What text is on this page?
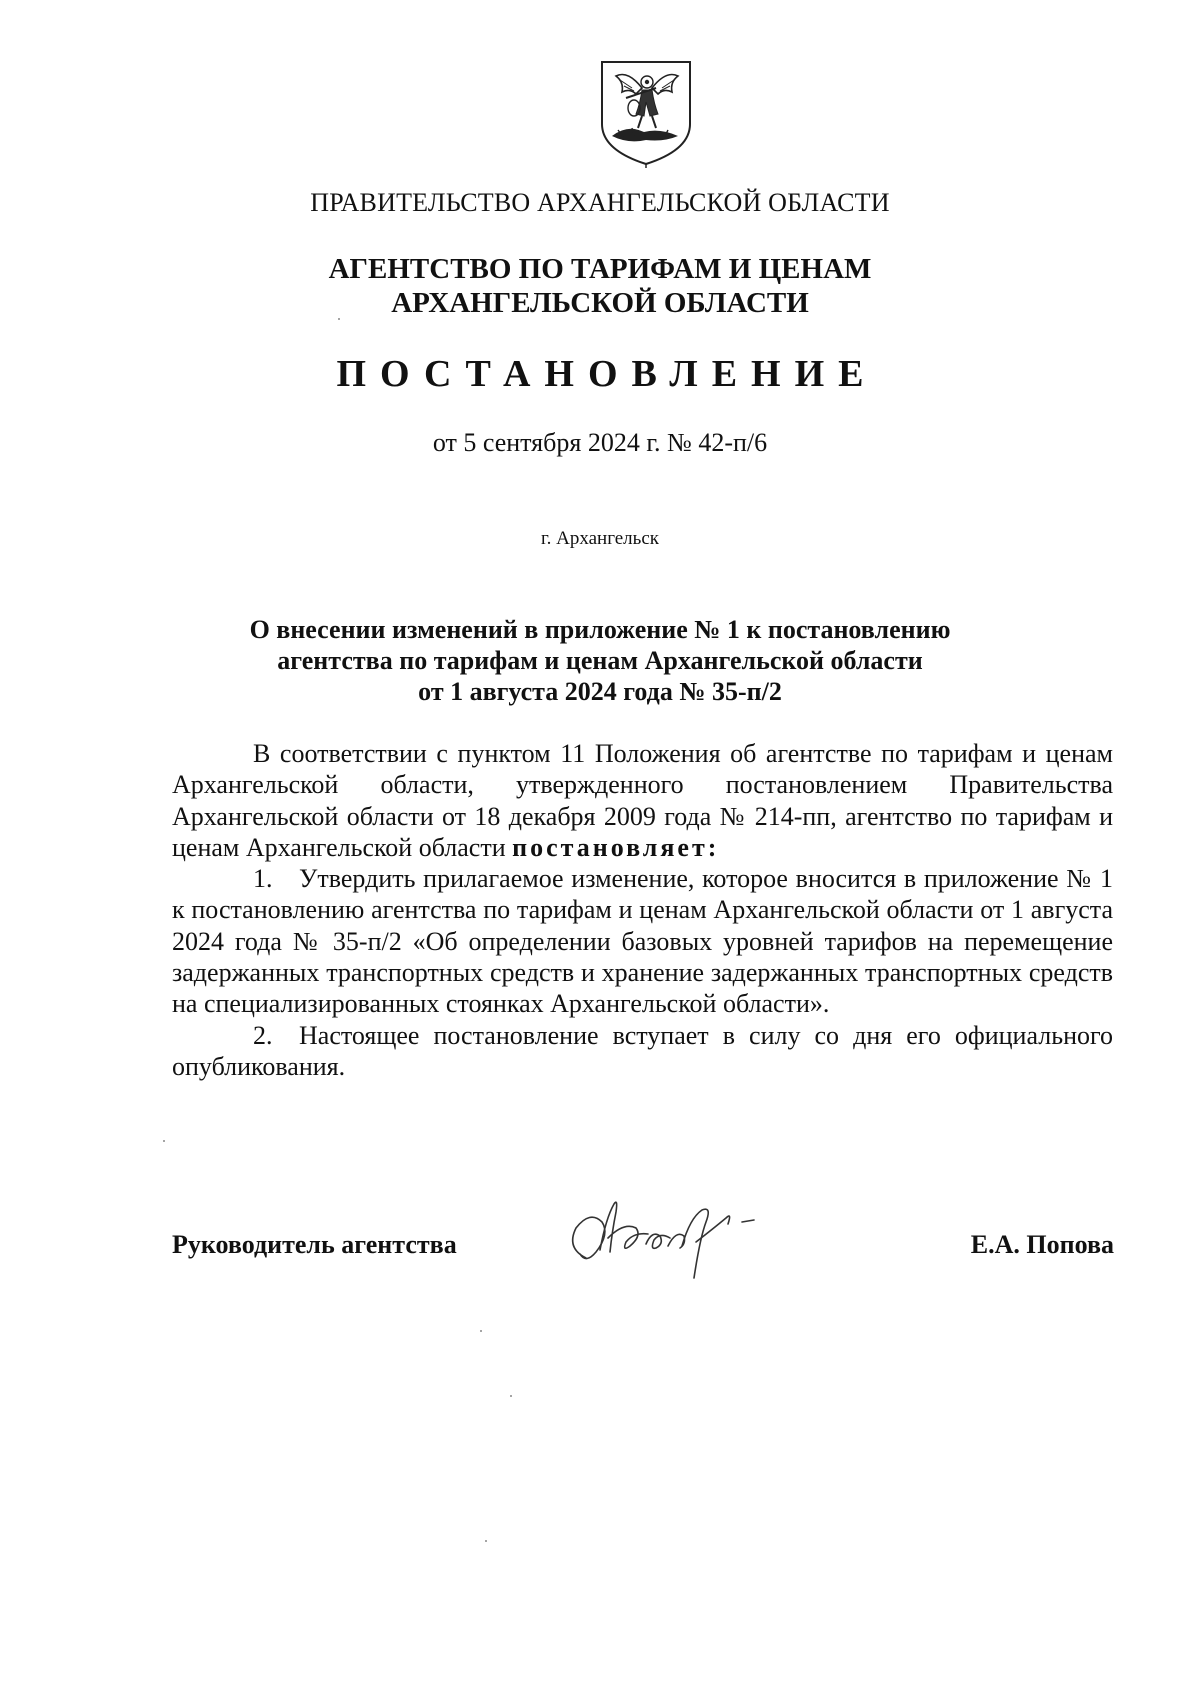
ПРАВИТЕЛЬСТВО АРХАНГЕЛЬСКОЙ ОБЛАСТИ
АГЕНТСТВО ПО ТАРИФАМ И ЦЕНАМ
АРХАНГЕЛЬСКОЙ ОБЛАСТИ
ПОСТАНОВЛЕНИЕ
от 5 сентября 2024 г. № 42-п/6
г. Архангельск
О внесении изменений в приложение № 1 к постановлению
агентства по тарифам и ценам Архангельской области
от 1 августа 2024 года № 35-п/2

В соответствии с пунктом 11 Положения об агентстве по тарифам и ценам Архангельской области, утвержденного постановлением Правительства Архангельской области от 18 декабря 2009 года № 214-пп, агентство по тарифам и ценам Архангельской области постановляет:

1. Утвердить прилагаемое изменение, которое вносится в приложение № 1 к постановлению агентства по тарифам и ценам Архангельской области от 1 августа 2024 года № 35-п/2 «Об определении базовых уровней тарифов на перемещение задержанных транспортных средств и хранение задержанных транспортных средств на специализированных стоянках Архангельской области».

2. Настоящее постановление вступает в силу со дня его официального опубликования.

Руководитель агентства	Е.А. Попова
